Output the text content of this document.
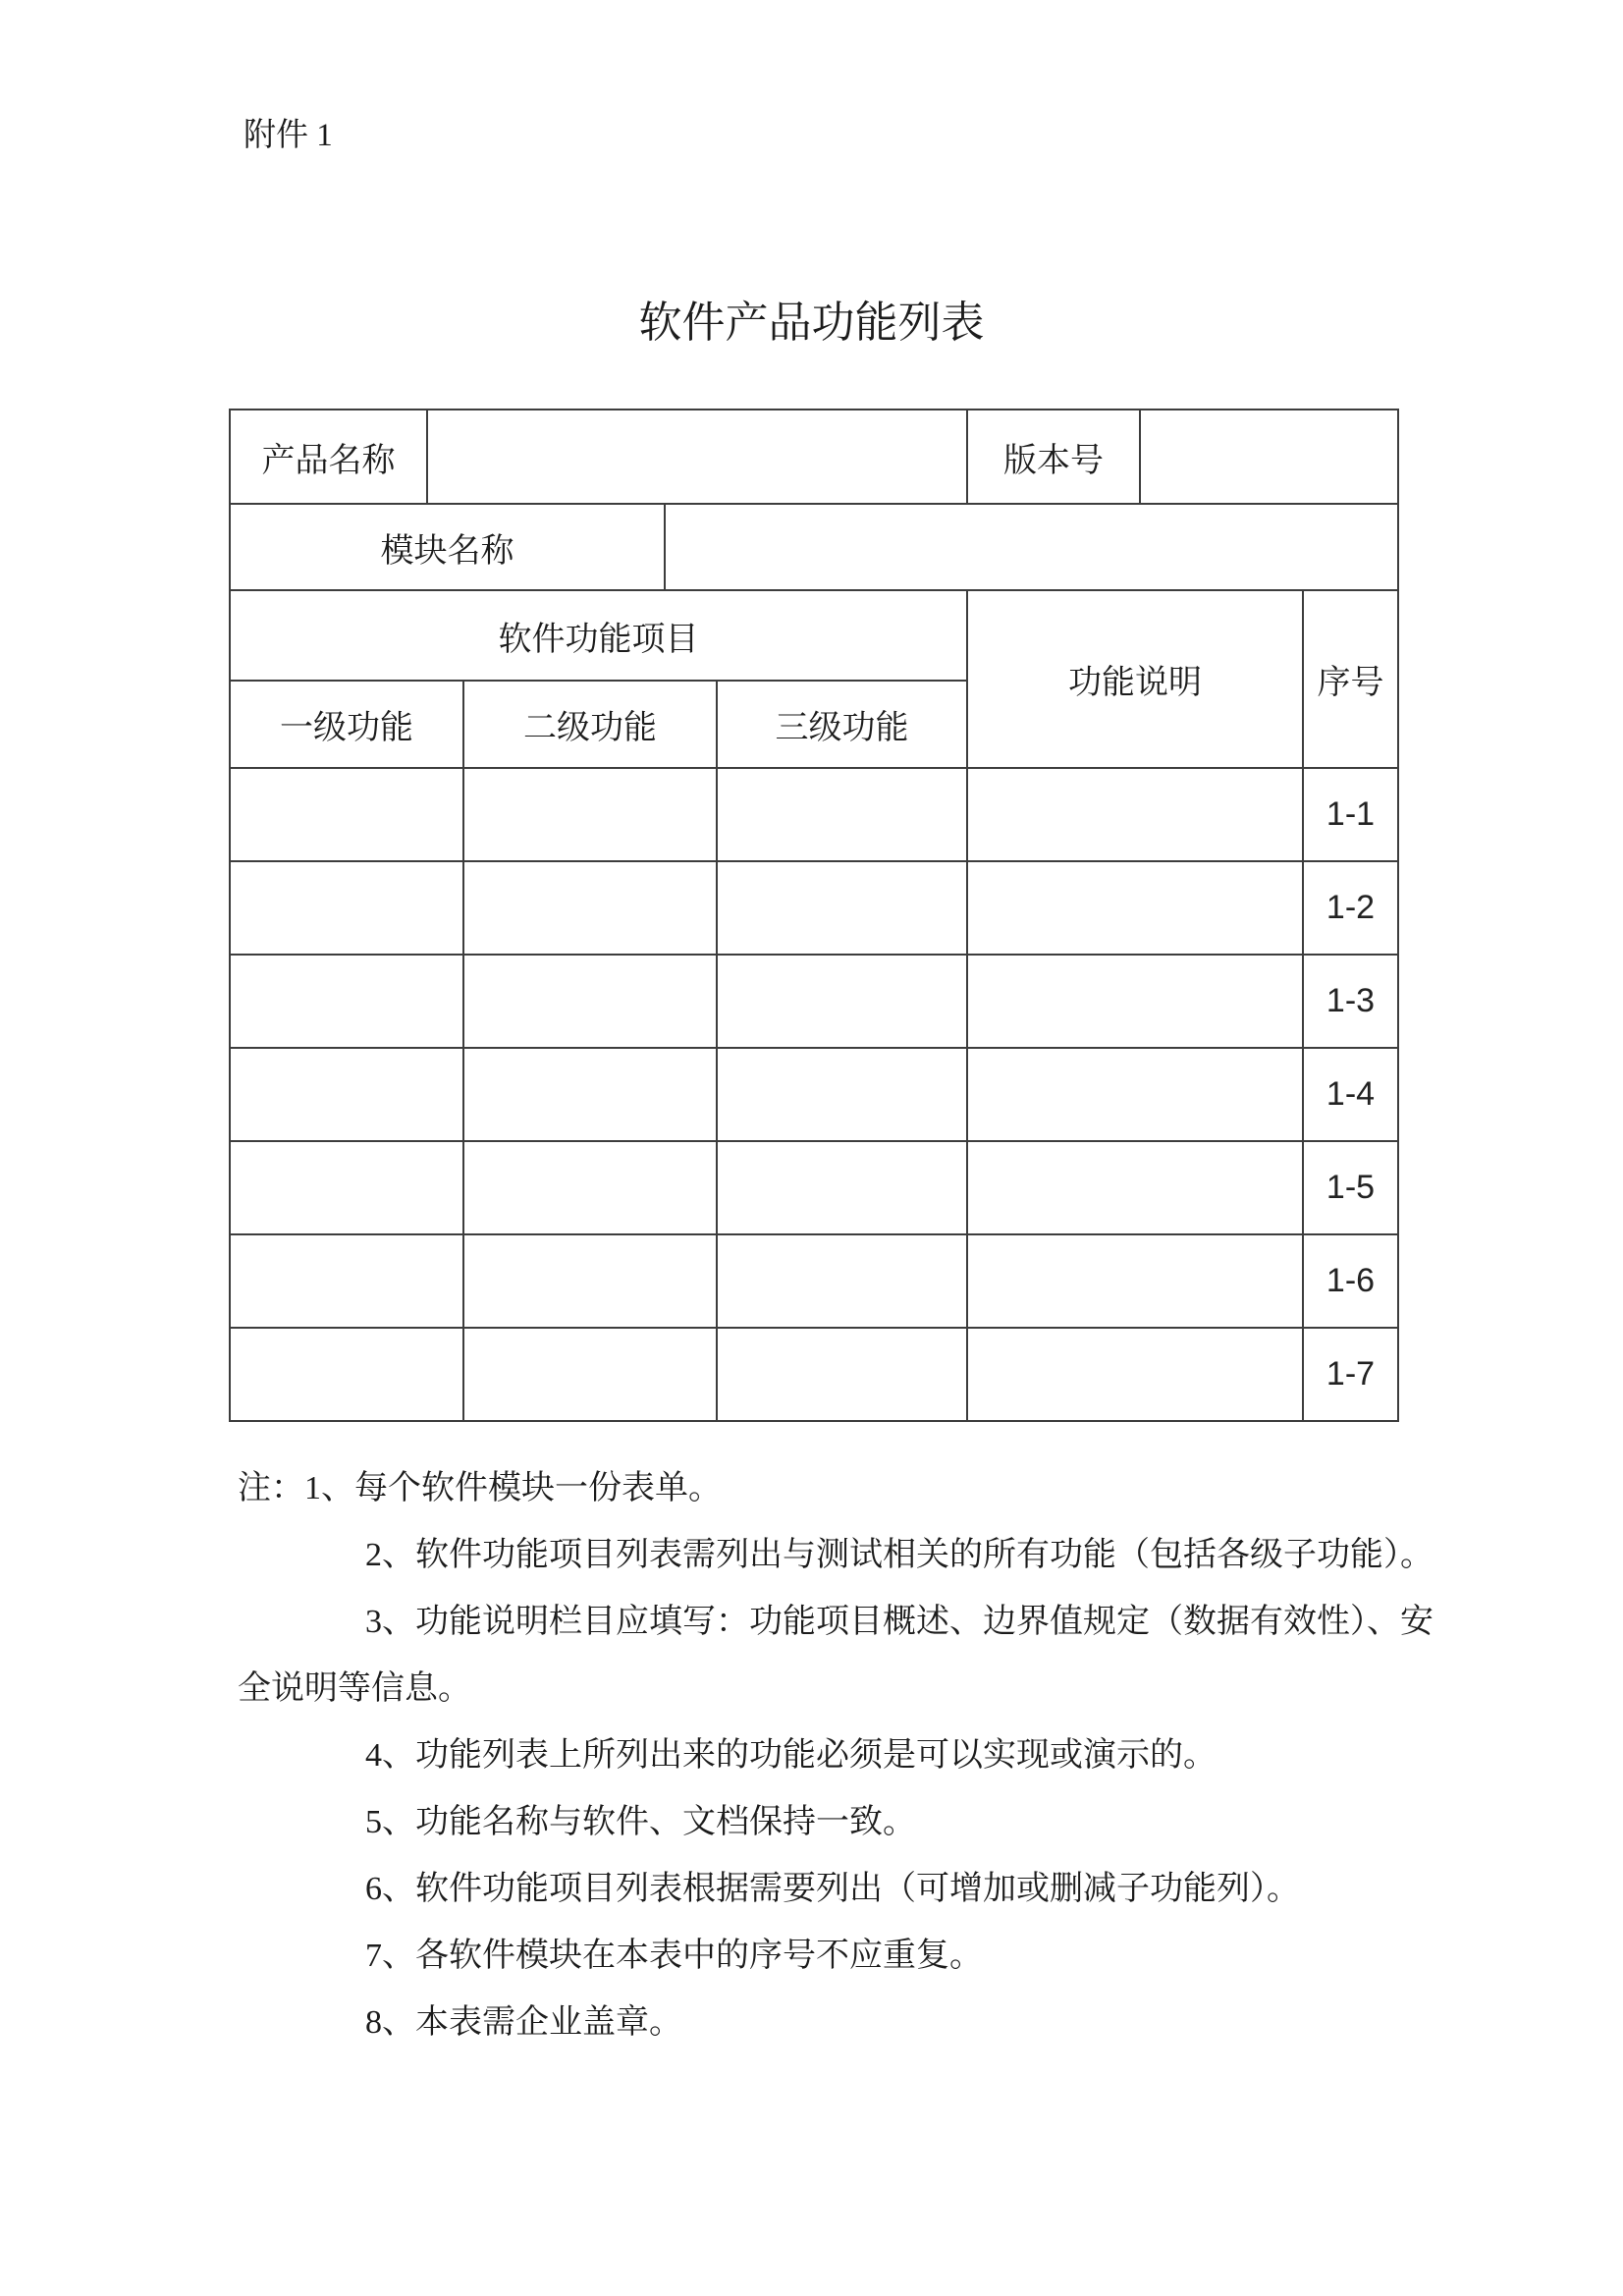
附件 1
软件产品功能列表
产品名称					版本号		
模块名称							
软件功能项目					功能说明		序号
一级功能		二级功能		三级功能			
							1-1
							1-2
							1-3
							1-4
							1-5
							1-6
							1-7
注：1、每个软件模块一份表单。
2、软件功能项目列表需列出与测试相关的所有功能（包括各级子功能）。
3、功能说明栏目应填写：功能项目概述、边界值规定（数据有效性）、安
全说明等信息。
4、功能列表上所列出来的功能必须是可以实现或演示的。
5、功能名称与软件、文档保持一致。
6、软件功能项目列表根据需要列出（可增加或删减子功能列）。
7、各软件模块在本表中的序号不应重复。
8、本表需企业盖章。
